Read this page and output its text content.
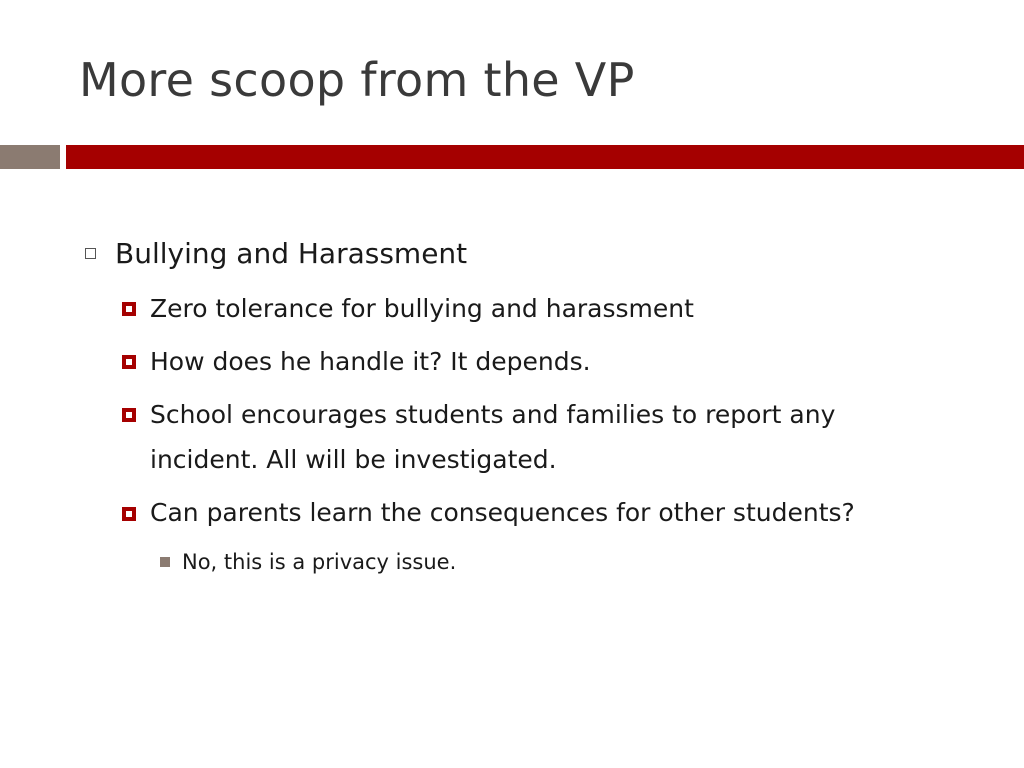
More scoop from the VP
Bullying and Harassment
Zero tolerance for bullying and harassment
How does he handle it? It depends.
School encourages students and families to report any
incident. All will be investigated.
Can parents learn the consequences for other students?
No, this is a privacy issue.
